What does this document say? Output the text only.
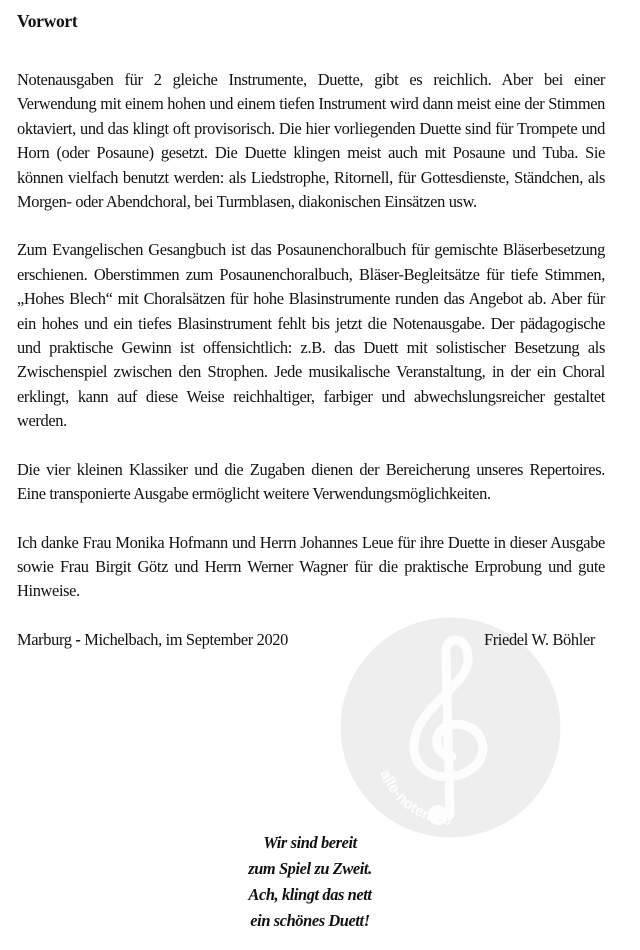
alle-noten.de
Vorwort

Notenausgaben für 2 gleiche Instrumente, Duette, gibt es reichlich. Aber bei einer Verwendung mit einem hohen und einem tiefen Instrument wird dann meist eine der Stimmen oktaviert, und das klingt oft provisorisch. Die hier vorliegenden Duette sind für Trompete und Horn (oder Posaune) gesetzt. Die Duette klingen meist auch mit Posaune und Tuba. Sie können vielfach benutzt werden: als Liedstrophe, Ritornell, für Gottesdienste, Ständchen, als Morgen- oder Abendchoral, bei Turmblasen, diakonischen Einsätzen usw.

Zum Evangelischen Gesangbuch ist das Posaunenchoralbuch für gemischte Bläserbesetzung erschienen. Oberstimmen zum Posaunenchoralbuch, Bläser-Begleitsätze für tiefe Stimmen, „Hohes Blech“ mit Choralsätzen für hohe Blasinstrumente runden das Angebot ab. Aber für ein hohes und ein tiefes Blasinstrument fehlt bis jetzt die Notenausgabe. Der pädagogische und praktische Gewinn ist offensichtlich: z.B. das Duett mit solistischer Besetzung als Zwischenspiel zwischen den Strophen. Jede musikalische Veranstaltung, in der ein Choral erklingt, kann auf diese Weise reichhaltiger, farbiger und abwechslungsreicher gestaltet werden.

Die vier kleinen Klassiker und die Zugaben dienen der Bereicherung unseres Repertoires. Eine transponierte Ausgabe ermöglicht weitere Verwendungsmöglichkeiten.

Ich danke Frau Monika Hofmann und Herrn Johannes Leue für ihre Duette in dieser Ausgabe sowie Frau Birgit Götz und Herrn Werner Wagner für die praktische Erprobung und gute Hinweise.

Marburg - Michelbach, im September 2020	Friedel W. Böhler
Wir sind bereit
zum Spiel zu Zweit.
Ach, klingt das nett
ein schönes Duett!
